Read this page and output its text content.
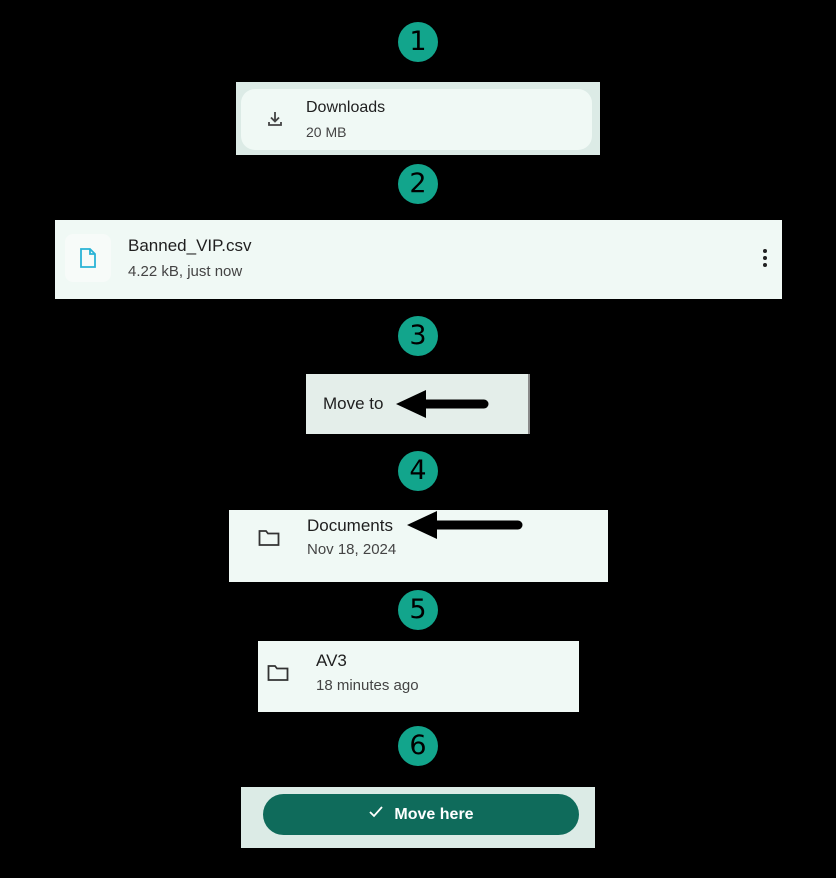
1
2
3
4
5
6
Downloads
20 MB
Banned_VIP.csv
4.22 kB, just now
Move to
Documents
Nov 18, 2024
AV3
18 minutes ago
Move here
